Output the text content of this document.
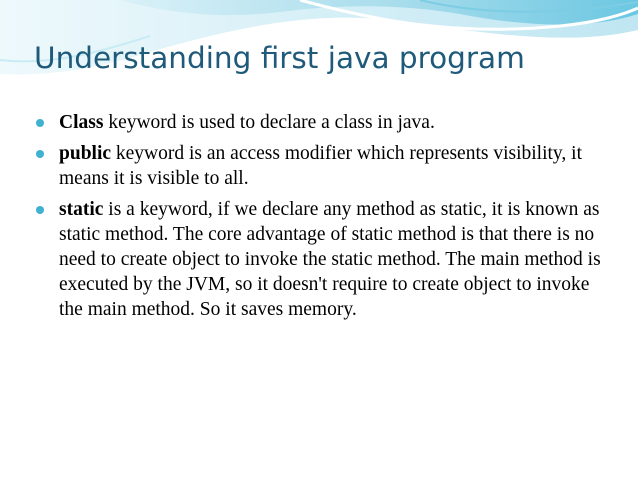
Understanding first java program
Class keyword is used to declare a class in java.
public keyword is an access modifier which represents visibility, it means it is visible to all.
static is a keyword, if we declare any method as static, it is known as static method. The core advantage of static method is that there is no need to create object to invoke the static method. The main method is executed by the JVM, so it doesn't require to create object to invoke the main method. So it saves memory.
